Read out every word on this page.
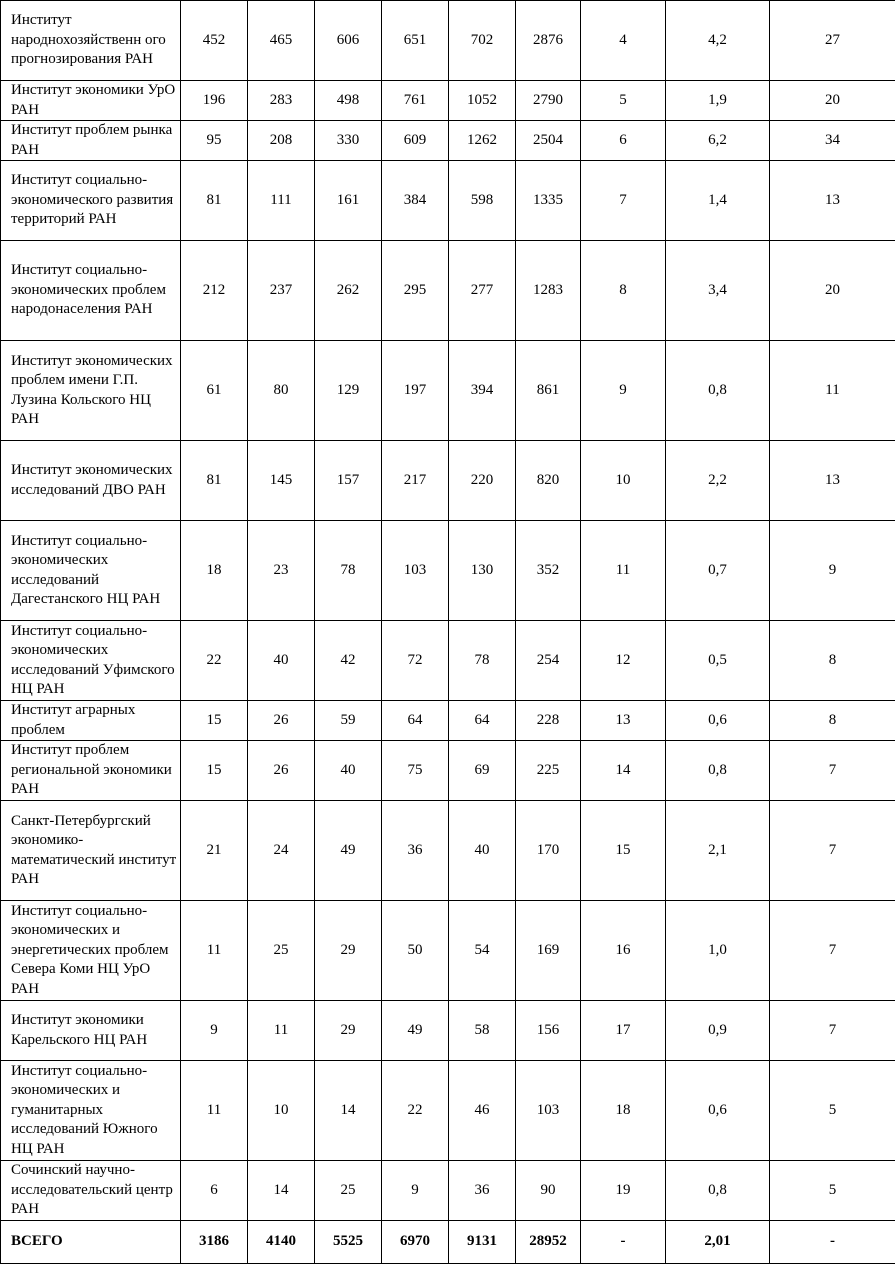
Институт народнохозяйственн ого прогнозирования РАН	452	465	606	651	702	2876	4	4,2	27
Институт экономики УрО РАН	196	283	498	761	1052	2790	5	1,9	20
Институт проблем рынка РАН	95	208	330	609	1262	2504	6	6,2	34
Институт социально-экономического развития территорий РАН	81	111	161	384	598	1335	7	1,4	13
Институт социально-экономических проблем народонаселения РАН	212	237	262	295	277	1283	8	3,4	20
Институт экономических проблем имени Г.П. Лузина Кольского НЦ РАН	61	80	129	197	394	861	9	0,8	11
Институт экономических исследований ДВО РАН	81	145	157	217	220	820	10	2,2	13
Институт социально-экономических исследований Дагестанского НЦ РАН	18	23	78	103	130	352	11	0,7	9
Институт социально-экономических исследований Уфимского НЦ РАН	22	40	42	72	78	254	12	0,5	8
Институт аграрных проблем	15	26	59	64	64	228	13	0,6	8
Институт проблем региональной экономики РАН	15	26	40	75	69	225	14	0,8	7
Санкт-Петербургский экономико-математический институт РАН	21	24	49	36	40	170	15	2,1	7
Институт социально-экономических и энергетических проблем Севера Коми НЦ УрО РАН	11	25	29	50	54	169	16	1,0	7
Институт экономики Карельского НЦ РАН	9	11	29	49	58	156	17	0,9	7
Институт социально-экономических и гуманитарных исследований Южного НЦ РАН	11	10	14	22	46	103	18	0,6	5
Сочинский научно-исследовательский центр РАН	6	14	25	9	36	90	19	0,8	5
ВСЕГО	3186	4140	5525	6970	9131	28952	-	2,01	-
